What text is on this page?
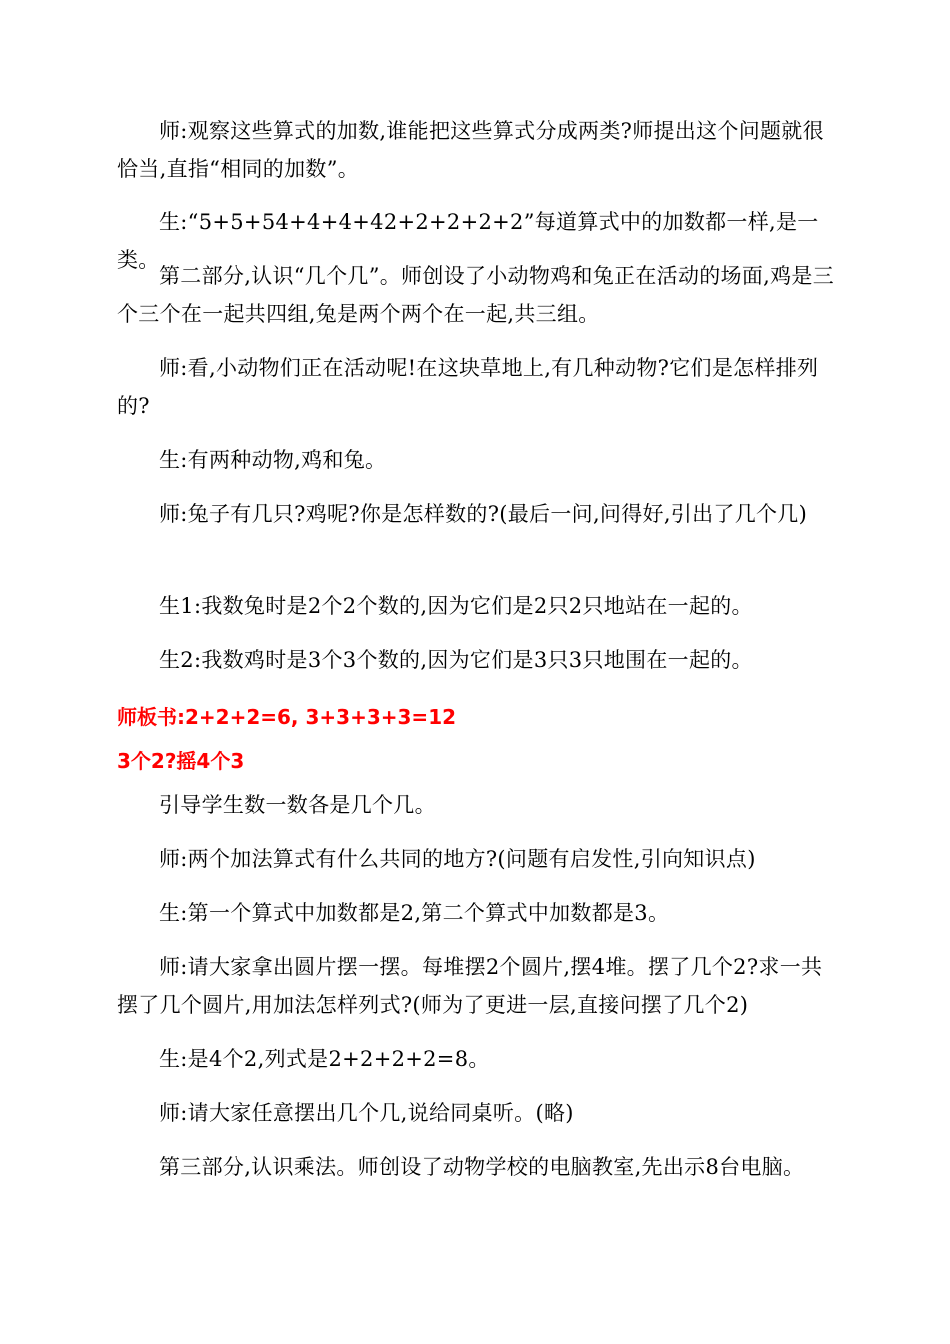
师:观察这些算式的加数,谁能把这些算式分成两类?师提出这个问题就很恰当,直指“相同的加数”。

生:“5+5+54+4+4+42+2+2+2+2”每道算式中的加数都一样,是一类。

第二部分,认识“几个几”。师创设了小动物鸡和兔正在活动的场面,鸡是三个三个在一起共四组,兔是两个两个在一起,共三组。

师:看,小动物们正在活动呢!在这块草地上,有几种动物?它们是怎样排列的?

生:有两种动物,鸡和兔。

师:兔子有几只?鸡呢?你是怎样数的?(最后一问,问得好,引出了几个几)

生1:我数兔时是2个2个数的,因为它们是2只2只地站在一起的。

生2:我数鸡时是3个3个数的,因为它们是3只3只地围在一起的。

师板书:2+2+2=6, 3+3+3+3=12

3个2?摇4个3

引导学生数一数各是几个几。

师:两个加法算式有什么共同的地方?(问题有启发性,引向知识点)

生:第一个算式中加数都是2,第二个算式中加数都是3。

师:请大家拿出圆片摆一摆。每堆摆2个圆片,摆4堆。摆了几个2?求一共摆了几个圆片,用加法怎样列式?(师为了更进一层,直接问摆了几个2)

生:是4个2,列式是2+2+2+2=8。

师:请大家任意摆出几个几,说给同桌听。(略)

第三部分,认识乘法。师创设了动物学校的电脑教室,先出示8台电脑。
